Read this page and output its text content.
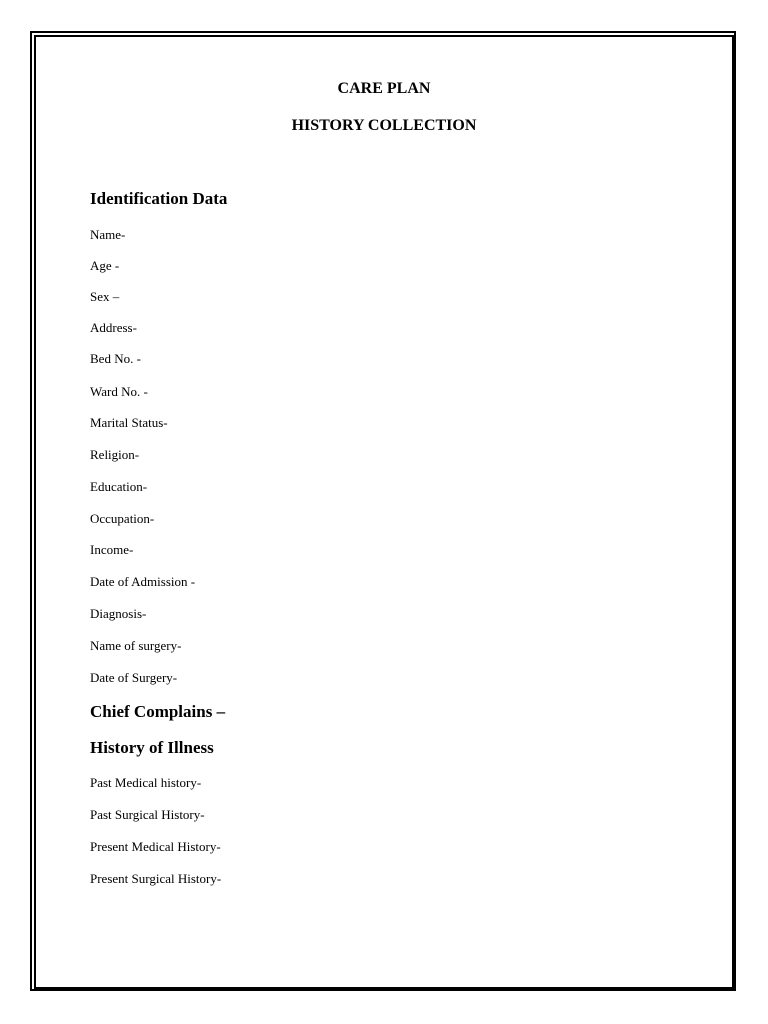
CARE PLAN
HISTORY COLLECTION
Identification Data
Name-
Age -
Sex –
Address-
Bed No. -
Ward No. -
Marital Status-
Religion-
Education-
Occupation-
Income-
Date of Admission -
Diagnosis-
Name of surgery-
Date of Surgery-
Chief Complains –
History of Illness
Past Medical history-
Past Surgical History-
Present Medical History-
Present Surgical History-
